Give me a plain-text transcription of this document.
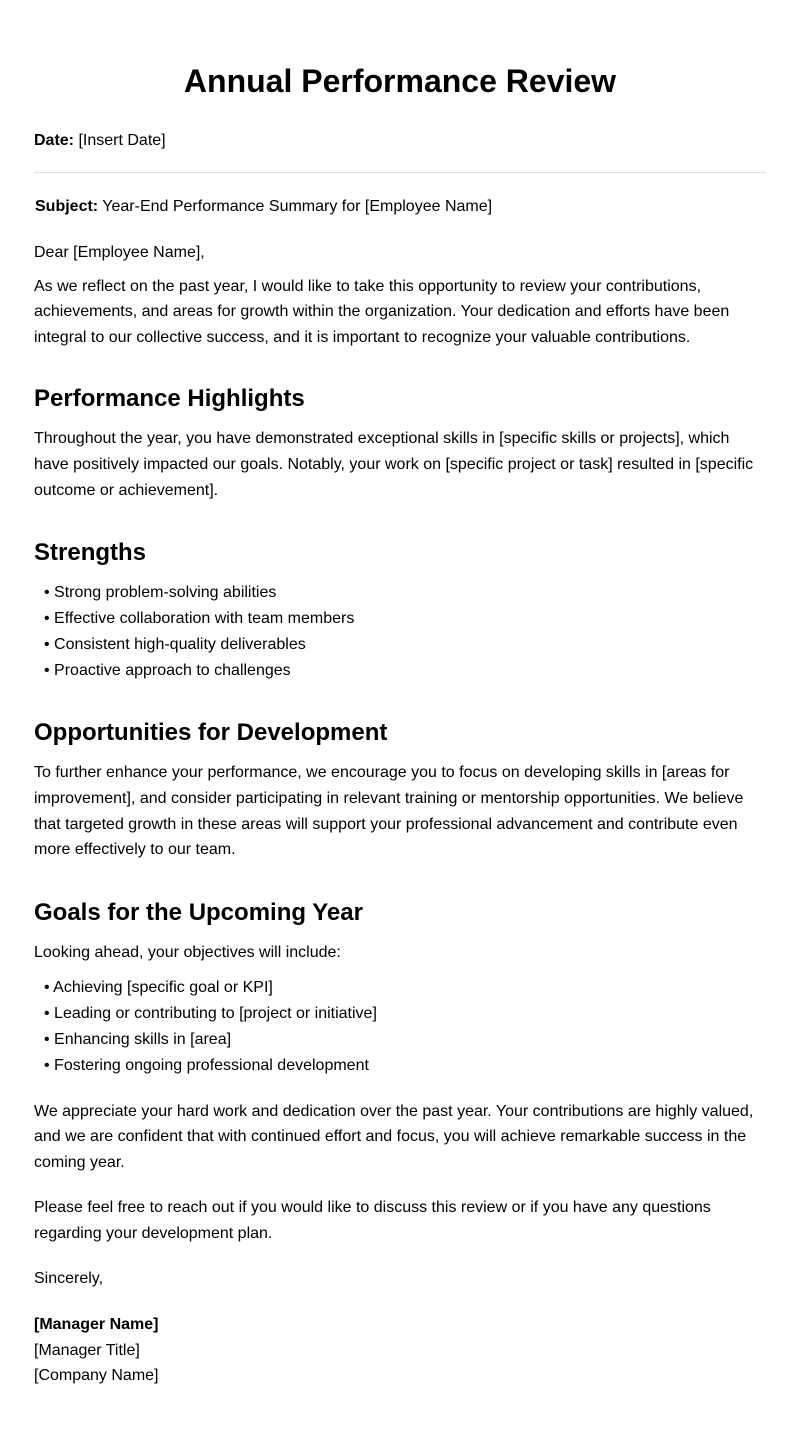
Annual Performance Review
Date: [Insert Date]
Subject: Year-End Performance Summary for [Employee Name]

Dear [Employee Name],

As we reflect on the past year, I would like to take this opportunity to review your contributions, achievements, and areas for growth within the organization. Your dedication and efforts have been integral to our collective success, and it is important to recognize your valuable contributions.

Performance Highlights

Throughout the year, you have demonstrated exceptional skills in [specific skills or projects], which have positively impacted our goals. Notably, your work on [specific project or task] resulted in [specific outcome or achievement].

Strengths
• Strong problem-solving abilities
• Effective collaboration with team members
• Consistent high-quality deliverables
• Proactive approach to challenges
Opportunities for Development

To further enhance your performance, we encourage you to focus on developing skills in [areas for improvement], and consider participating in relevant training or mentorship opportunities. We believe that targeted growth in these areas will support your professional advancement and contribute even more effectively to our team.

Goals for the Upcoming Year

Looking ahead, your objectives will include:

• Achieving [specific goal or KPI]
• Leading or contributing to [project or initiative]
• Enhancing skills in [area]
• Fostering ongoing professional development

We appreciate your hard work and dedication over the past year. Your contributions are highly valued, and we are confident that with continued effort and focus, you will achieve remarkable success in the coming year.

Please feel free to reach out if you would like to discuss this review or if you have any questions regarding your development plan.

Sincerely,

[Manager Name]
[Manager Title]
[Company Name]
